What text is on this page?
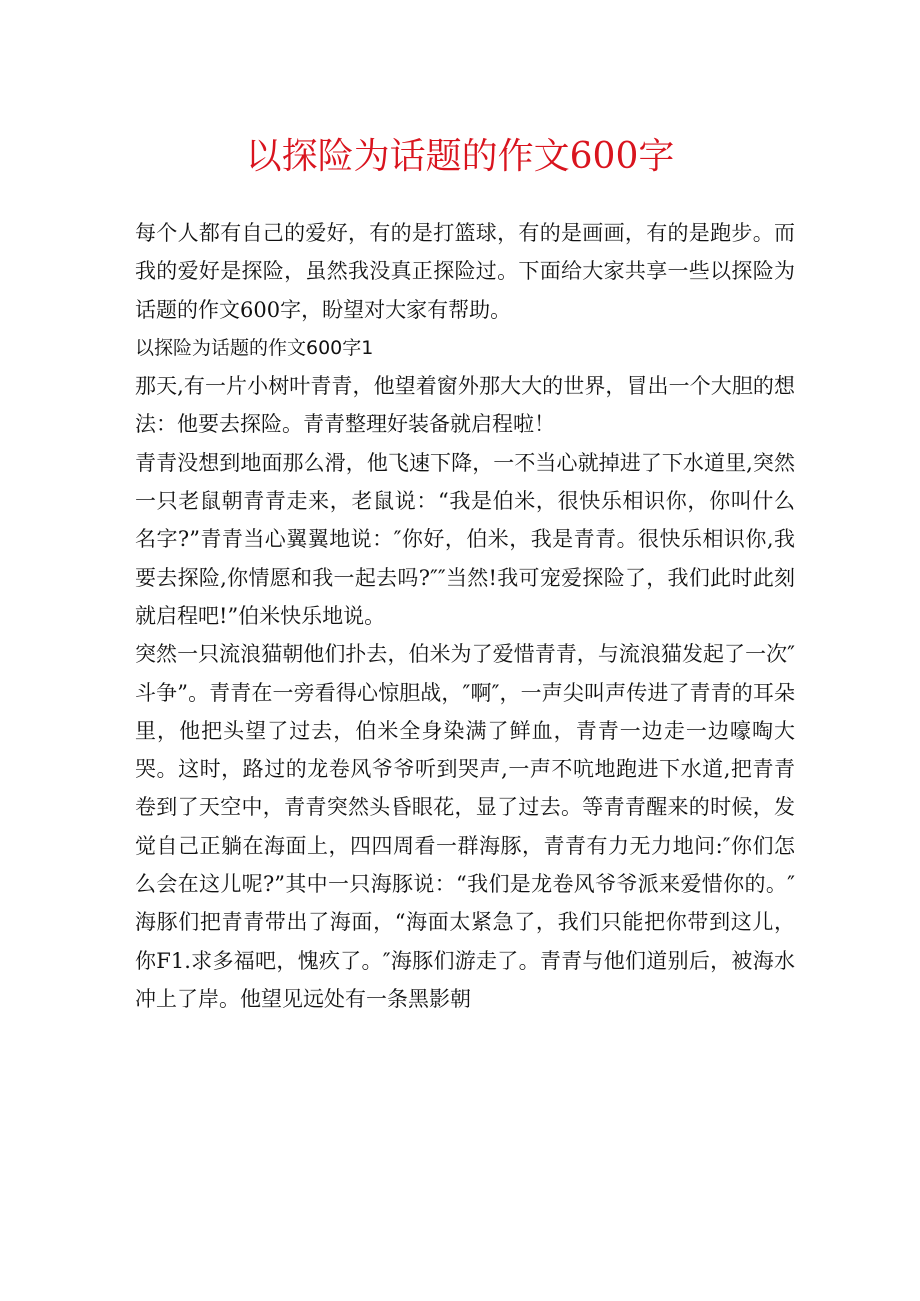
以探险为话题的作文600字

每个人都有自己的爱好，有的是打篮球，有的是画画，有的是跑步。而我的爱好是探险，虽然我没真正探险过。下面给大家共享一些以探险为话题的作文600字，盼望对大家有帮助。

以探险为话题的作文600字1

那天,有一片小树叶青青，他望着窗外那大大的世界，冒出一个大胆的想法：他要去探险。青青整理好装备就启程啦！

青青没想到地面那么滑，他飞速下降，一不当心就掉进了下水道里,突然一只老鼠朝青青走来，老鼠说：“我是伯米，很快乐相识你，你叫什么名字?”青青当心翼翼地说：″你好，伯米，我是青青。很快乐相识你,我要去探险,你情愿和我一起去吗?″″当然!我可宠爱探险了，我们此时此刻就启程吧!”伯米快乐地说。

突然一只流浪猫朝他们扑去，伯米为了爱惜青青，与流浪猫发起了一次″斗争”。青青在一旁看得心惊胆战，″啊″，一声尖叫声传进了青青的耳朵里，他把头望了过去，伯米全身染满了鲜血，青青一边走一边嚎啕大哭。这时，路过的龙卷风爷爷听到哭声,一声不吭地跑进下水道,把青青卷到了天空中，青青突然头昏眼花，显了过去。等青青醒来的时候，发觉自己正躺在海面上，四四周看一群海豚，青青有力无力地问:″你们怎么会在这儿呢?”其中一只海豚说：“我们是龙卷风爷爷派来爱惜你的。″海豚们把青青带出了海面，“海面太紧急了，我们只能把你带到这儿，你F1.求多福吧，愧疚了。″海豚们游走了。青青与他们道别后，被海水冲上了岸。他望见远处有一条黑影朝
